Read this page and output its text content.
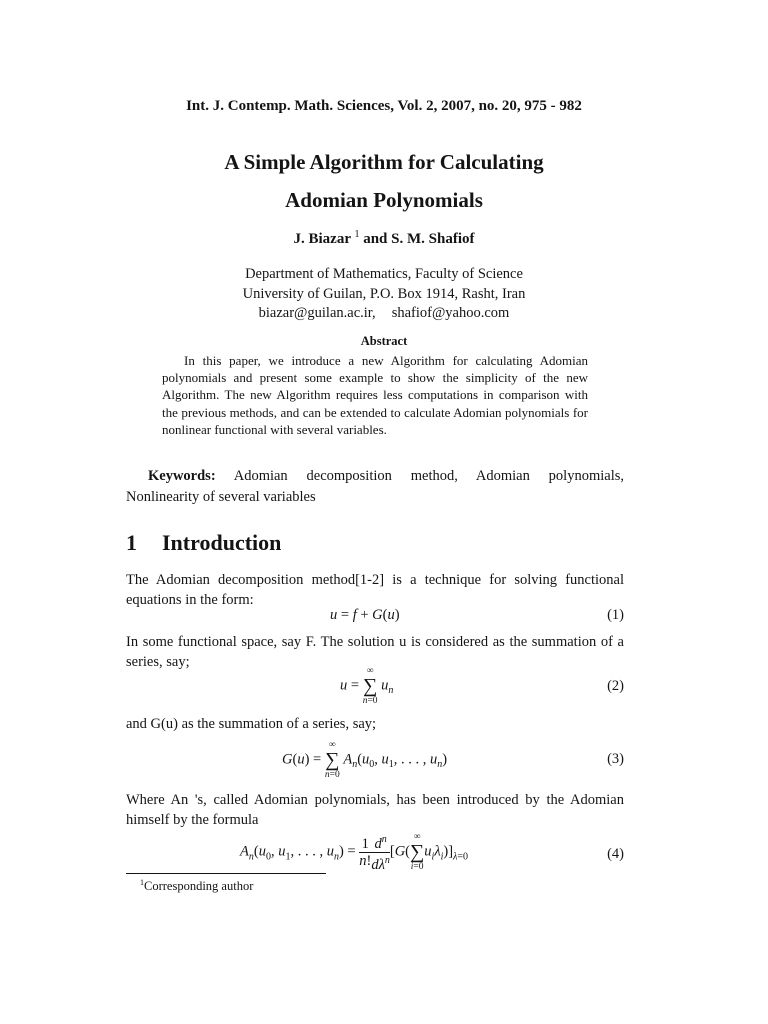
Int. J. Contemp. Math. Sciences, Vol. 2, 2007, no. 20, 975 - 982
A Simple Algorithm for Calculating
Adomian Polynomials
J. Biazar $^1$ and S. M. Shafiof
Department of Mathematics, Faculty of Science
University of Guilan, P.O. Box 1914, Rasht, Iran
biazar@guilan.ac.ir, shafiof@yahoo.com
Abstract
In this paper, we introduce a new Algorithm for calculating Adomian polynomials and present some example to show the simplicity of the new Algorithm. The new Algorithm requires less computations in comparison with the previous methods, and can be extended to calculate Adomian polynomials for nonlinear functional with several variables.
Keywords: Adomian decomposition method, Adomian polynomials, Nonlinearity of several variables
1 Introduction
The Adomian decomposition method[1-2] is a technique for solving functional equations in the form:
u = f + G(u)	(1)
In some functional space, say F. The solution u is considered as the summation of a series, say;
u =
∞
∑
n=0
$u_n$	(2)
and G(u) as the summation of a series, say;
G(u) =
∞
∑
n=0
$A_n(u_0$, $u_1$, . . . , $u_n$)	(3)
Where An 's, called Adomian polynomials, has been introduced by the Adomian himself by the formula
$A_n(u_0$, $u_1$, . . . , $u_n) = \frac{1}{n!} \frac{d^n}{d\lambda^n} [G$(
∞
∑
i=0
$u_i\lambda_i)]_{\lambda=0}$	(4)
$^1$Corresponding author
